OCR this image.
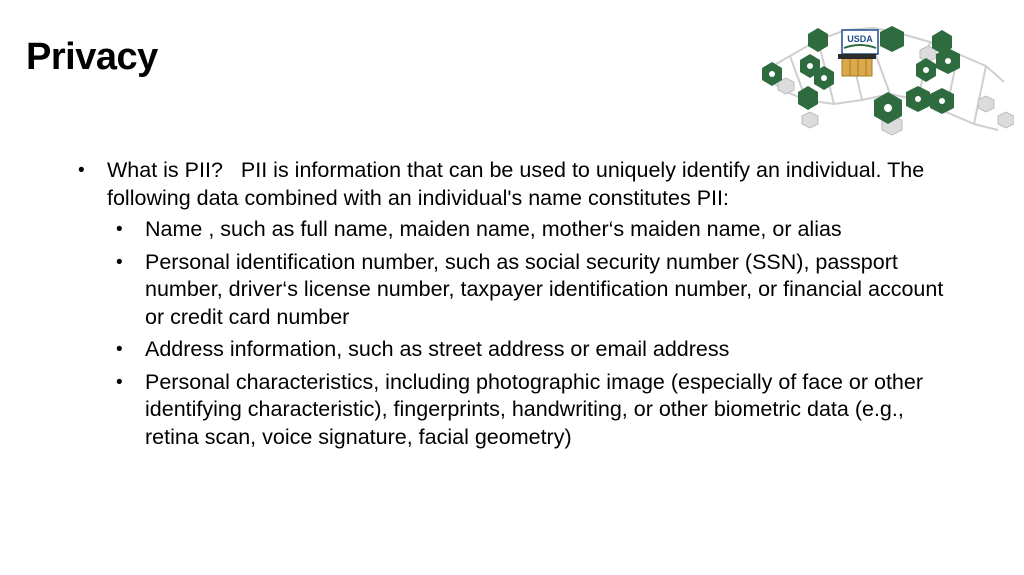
Privacy	USDA
•	What is PII? PII is information that can be used to uniquely identify an individual. The following data combined with an individual's name constitutes PII:
•	Name , such as full name, maiden name, mother‘s maiden name, or alias
•	Personal identification number, such as social security number (SSN), passport number, driver‘s license number, taxpayer identification number, or financial account or credit card number
•	Address information, such as street address or email address
•	Personal characteristics, including photographic image (especially of face or other identifying characteristic), fingerprints, handwriting, or other biometric data (e.g., retina scan, voice signature, facial geometry)
